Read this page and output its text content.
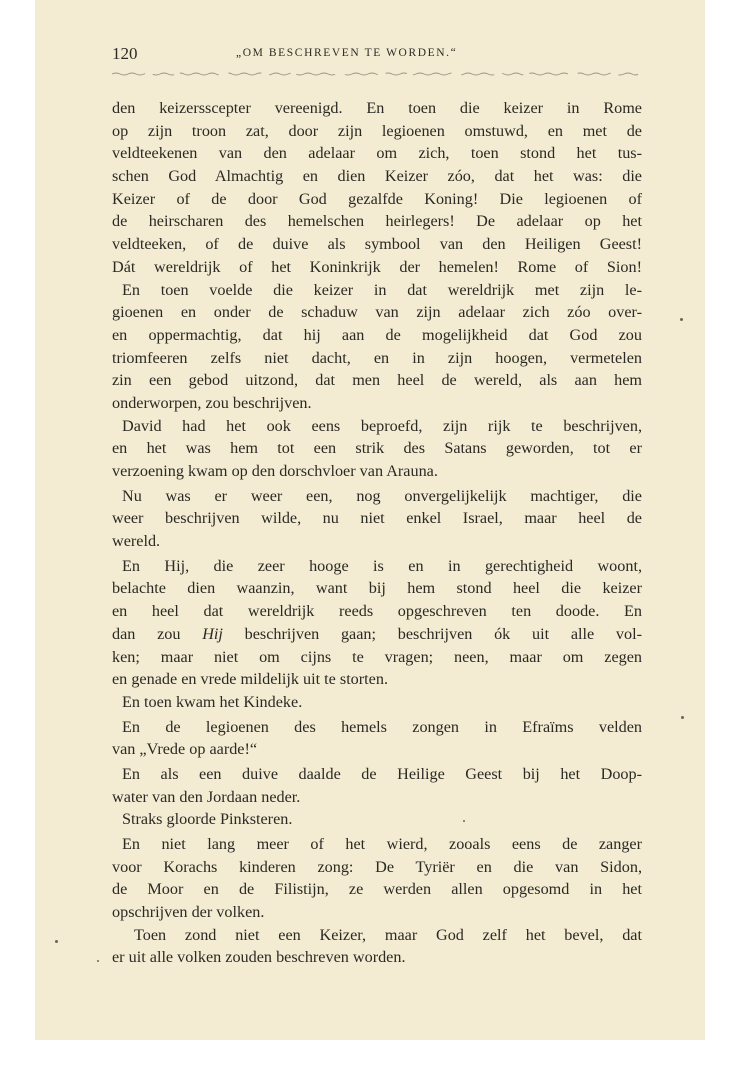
120	„OM BESCHREVEN TE WORDEN.“
den keizersscepter vereenigd. En toen die keizer in Rome
op zijn troon zat, door zijn legioenen omstuwd, en met de
veldteekenen van den adelaar om zich, toen stond het tus-
schen God Almachtig en dien Keizer zóo, dat het was: die
Keizer of de door God gezalfde Koning! Die legioenen of
de heirscharen des hemelschen heirlegers! De adelaar op het
veldteeken, of de duive als symbool van den Heiligen Geest!
Dát wereldrijk of het Koninkrijk der hemelen! Rome of Sion!
En toen voelde die keizer in dat wereldrijk met zijn le-
gioenen en onder de schaduw van zijn adelaar zich zóo over-
en oppermachtig, dat hij aan de mogelijkheid dat God zou
triomfeeren zelfs niet dacht, en in zijn hoogen, vermetelen
zin een gebod uitzond, dat men heel de wereld, als aan hem
onderworpen, zou beschrijven.
David had het ook eens beproefd, zijn rijk te beschrijven,
en het was hem tot een strik des Satans geworden, tot er
verzoening kwam op den dorschvloer van Arauna.
Nu was er weer een, nog onvergelijkelijk machtiger, die
weer beschrijven wilde, nu niet enkel Israel, maar heel de
wereld.
En Hij, die zeer hooge is en in gerechtigheid woont,
belachte dien waanzin, want bij hem stond heel die keizer
en heel dat wereldrijk reeds opgeschreven ten doode. En
dan zou Hij beschrijven gaan; beschrijven ók uit alle vol-
ken; maar niet om cijns te vragen; neen, maar om zegen
en genade en vrede mildelijk uit te storten.
En toen kwam het Kindeke.
En de legioenen des hemels zongen in Efraïms velden
van „Vrede op aarde!“
En als een duive daalde de Heilige Geest bij het Doop-
water van den Jordaan neder.
Straks gloorde Pinksteren.
En niet lang meer of het wierd, zooals eens de zanger
voor Korachs kinderen zong: De Tyriër en die van Sidon,
de Moor en de Filistijn, ze werden allen opgesomd in het
opschrijven der volken.
Toen zond niet een Keizer, maar God zelf het bevel, dat
er uit alle volken zouden beschreven worden.
